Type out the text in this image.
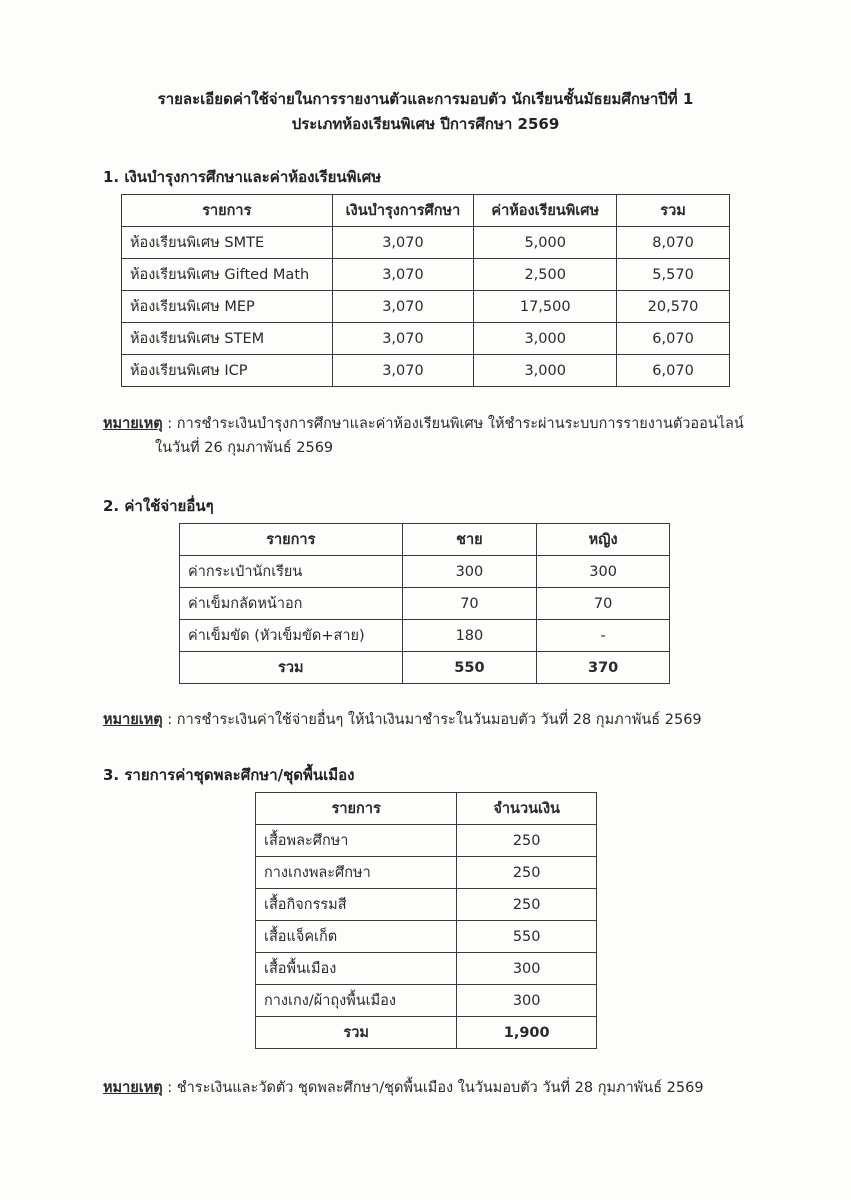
รายละเอียดค่าใช้จ่ายในการรายงานตัวและการมอบตัว นักเรียนชั้นมัธยมศึกษาปีที่ 1
ประเภทห้องเรียนพิเศษ ปีการศึกษา 2569
1. เงินบำรุงการศึกษาและค่าห้องเรียนพิเศษ
รายการ	เงินบำรุงการศึกษา	ค่าห้องเรียนพิเศษ	รวม
ห้องเรียนพิเศษ SMTE	3,070	5,000	8,070
ห้องเรียนพิเศษ Gifted Math	3,070	2,500	5,570
ห้องเรียนพิเศษ MEP	3,070	17,500	20,570
ห้องเรียนพิเศษ STEM	3,070	3,000	6,070
ห้องเรียนพิเศษ ICP	3,070	3,000	6,070
หมายเหตุ : การชำระเงินบำรุงการศึกษาและค่าห้องเรียนพิเศษ ให้ชำระผ่านระบบการรายงานตัวออนไลน์
ในวันที่ 26 กุมภาพันธ์ 2569
2. ค่าใช้จ่ายอื่นๆ
รายการ	ชาย	หญิง
ค่ากระเป๋านักเรียน	300	300
ค่าเข็มกลัดหน้าอก	70	70
ค่าเข็มขัด (หัวเข็มขัด+สาย)	180	-
รวม	550	370
หมายเหตุ : การชำระเงินค่าใช้จ่ายอื่นๆ ให้นำเงินมาชำระในวันมอบตัว วันที่ 28 กุมภาพันธ์ 2569
3. รายการค่าชุดพละศึกษา/ชุดพื้นเมือง
รายการ	จำนวนเงิน
เสื้อพละศึกษา	250
กางเกงพละศึกษา	250
เสื้อกิจกรรมสี	250
เสื้อแจ็คเก็ต	550
เสื้อพื้นเมือง	300
กางเกง/ผ้าถุงพื้นเมือง	300
รวม	1,900
หมายเหตุ : ชำระเงินและวัดตัว ชุดพละศึกษา/ชุดพื้นเมือง ในวันมอบตัว วันที่ 28 กุมภาพันธ์ 2569
